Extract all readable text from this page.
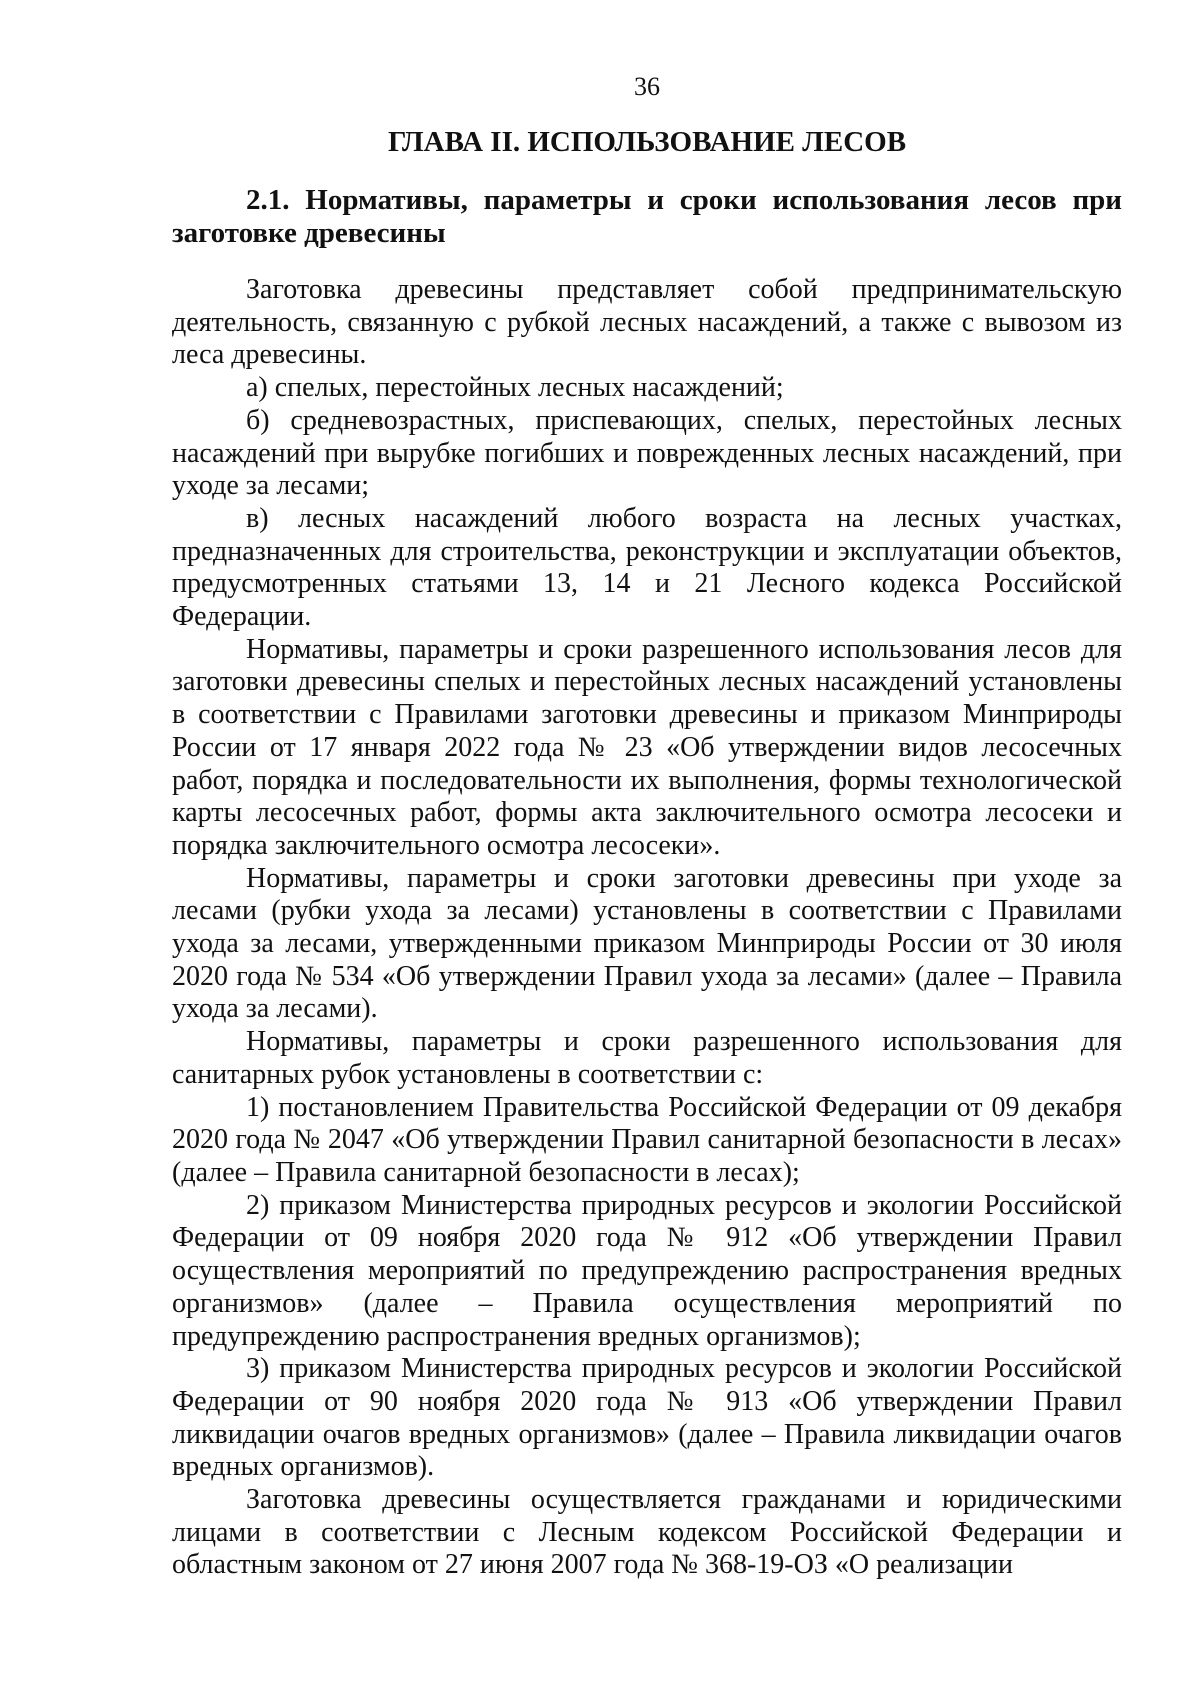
36
ГЛАВА II. ИСПОЛЬЗОВАНИЕ ЛЕСОВ
2.1. Нормативы, параметры и сроки использования лесов при заготовке древесины

Заготовка древесины представляет собой предпринимательскую деятельность, связанную с рубкой лесных насаждений, а также с вывозом из леса древесины.

а) спелых, перестойных лесных насаждений;

б) средневозрастных, приспевающих, спелых, перестойных лесных насаждений при вырубке погибших и поврежденных лесных насаждений, при уходе за лесами;

в) лесных насаждений любого возраста на лесных участках, предназначенных для строительства, реконструкции и эксплуатации объектов, предусмотренных статьями 13, 14 и 21 Лесного кодекса Российской Федерации.

Нормативы, параметры и сроки разрешенного использования лесов для заготовки древесины спелых и перестойных лесных насаждений установлены в соответствии с Правилами заготовки древесины и приказом Минприроды России от 17 января 2022 года № 23 «Об утверждении видов лесосечных работ, порядка и последовательности их выполнения, формы технологической карты лесосечных работ, формы акта заключительного осмотра лесосеки и порядка заключительного осмотра лесосеки».

Нормативы, параметры и сроки заготовки древесины при уходе за лесами (рубки ухода за лесами) установлены в соответствии с Правилами ухода за лесами, утвержденными приказом Минприроды России от 30 июля 2020 года № 534 «Об утверждении Правил ухода за лесами» (далее – Правила ухода за лесами).

Нормативы, параметры и сроки разрешенного использования для санитарных рубок установлены в соответствии с:

1) постановлением Правительства Российской Федерации от 09 декабря 2020 года № 2047 «Об утверждении Правил санитарной безопасности в лесах» (далее – Правила санитарной безопасности в лесах);

2) приказом Министерства природных ресурсов и экологии Российской Федерации от 09 ноября 2020 года № 912 «Об утверждении Правил осуществления мероприятий по предупреждению распространения вредных организмов» (далее – Правила осуществления мероприятий по предупреждению распространения вредных организмов);

3) приказом Министерства природных ресурсов и экологии Российской Федерации от 90 ноября 2020 года № 913 «Об утверждении Правил ликвидации очагов вредных организмов» (далее – Правила ликвидации очагов вредных организмов).

Заготовка древесины осуществляется гражданами и юридическими лицами в соответствии с Лесным кодексом Российской Федерации и областным законом от 27 июня 2007 года № 368-19-ОЗ «О реализации
